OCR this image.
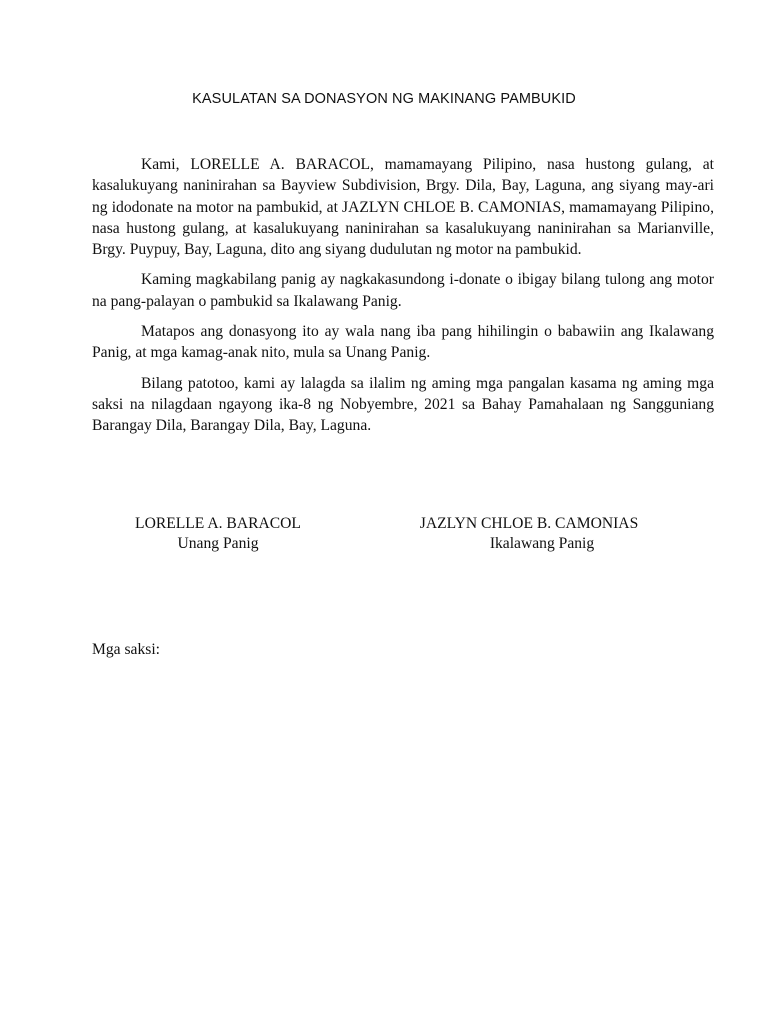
KASULATAN SA DONASYON NG MAKINANG PAMBUKID

Kami, LORELLE A. BARACOL, mamamayang Pilipino, nasa hustong gulang, at kasalukuyang naninirahan sa Bayview Subdivision, Brgy. Dila, Bay, Laguna, ang siyang may-ari ng idodonate na motor na pambukid, at JAZLYN CHLOE B. CAMONIAS, mamamayang Pilipino, nasa hustong gulang, at kasalukuyang naninirahan sa kasalukuyang naninirahan sa Marianville, Brgy. Puypuy, Bay, Laguna, dito ang siyang dudulutan ng motor na pambukid.

Kaming magkabilang panig ay nagkakasundong i-donate o ibigay bilang tulong ang motor na pang-palayan o pambukid sa Ikalawang Panig.

Matapos ang donasyong ito ay wala nang iba pang hihilingin o babawiin ang Ikalawang Panig, at mga kamag-anak nito, mula sa Unang Panig.

Bilang patotoo, kami ay lalagda sa ilalim ng aming mga pangalan kasama ng aming mga saksi na nilagdaan ngayong ika-8 ng Nobyembre, 2021 sa Bahay Pamahalaan ng Sangguniang Barangay Dila, Barangay Dila, Bay, Laguna.

LORELLE A. BARACOL
Unang Panig
JAZLYN CHLOE B. CAMONIAS
Ikalawang Panig
Mga saksi:
